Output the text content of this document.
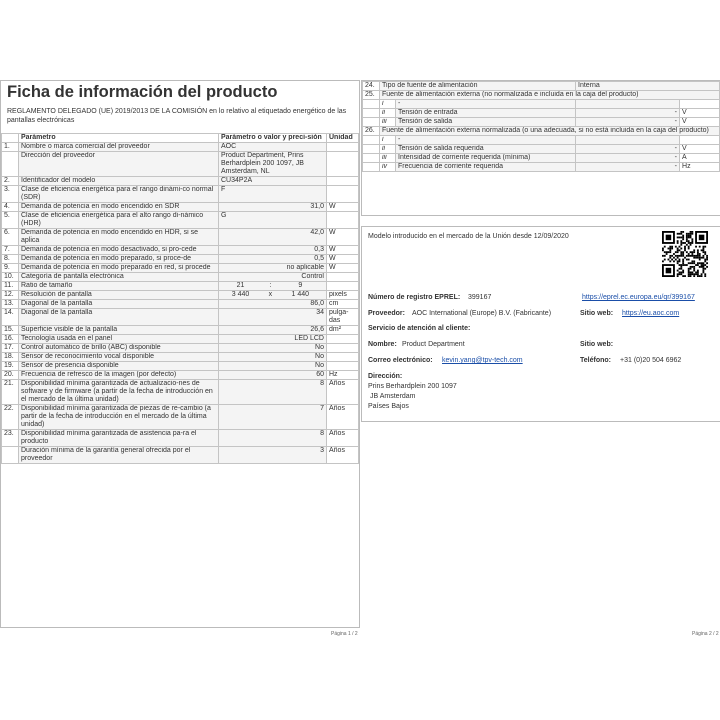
Ficha de información del producto
REGLAMENTO DELEGADO (UE) 2019/2013 DE LA COMISIÓN en lo relativo al etiquetado energético de las pantallas electrónicas
	Parámetro	Parámetro o valor y preci-sión	Unidad
1.	Nombre o marca comercial del proveedor	AOC	
	Dirección del proveedor	Product Department, Prins Berhardplein 200 1097, JB Amsterdam, NL	
2.	Identificador del modelo	CU34P2A	
3.	Clase de eficiencia energética para el rango dinámi-co normal (SDR)	F	
4.	Demanda de potencia en modo encendido en SDR	31,0	W
5.	Clase de eficiencia energética para el alto rango di-námico (HDR)	G	
6.	Demanda de potencia en modo encendido en HDR, si se aplica	42,0	W
7.	Demanda de potencia en modo desactivado, si pro-cede	0,3	W
8.	Demanda de potencia en modo preparado, si proce-de	0,5	W
9.	Demanda de potencia en modo preparado en red, si procede	no aplicable	W
10.	Categoría de pantalla electrónica	Control	
11.	Ratio de tamaño	21 : 9	
12.	Resolución de pantalla	3 440 x 1 440	pixels
13.	Diagonal de la pantalla	86,0	cm
14.	Diagonal de la pantalla	34	pulga-das
15.	Superficie visible de la pantalla	26,6	dm²
16.	Tecnología usada en el panel	LED LCD	
17.	Control automático de brillo (ABC) disponible	No	
18.	Sensor de reconocimiento vocal disponible	No	
19.	Sensor de presencia disponible	No	
20.	Frecuencia de refresco de la imagen (por defecto)	60	Hz
21.	Disponibilidad mínima garantizada de actualizacio-nes de software y de firmware (a partir de la fecha de introducción en el mercado de la última unidad)	8	Años
22.	Disponibilidad mínima garantizada de piezas de re-cambio (a partir de la fecha de introducción en el mercado de la última unidad)	7	Años
23.	Disponibilidad mínima garantizada de asistencia pa-ra el producto	8	Años
	Duración mínima de la garantía general ofrecida por el proveedor	3	Años
24.	Tipo de fuente de alimentación		Interna	
25.	Fuente de alimentación externa (no normalizada e incluida en la caja del producto)			
	i	-		
	ii	Tensión de entrada	-	V
	iii	Tensión de salida	-	V
26.	Fuente de alimentación externa normalizada (o una adecuada, si no está incluida en la caja del producto)			
	i	-		
	ii	Tensión de salida requerida	-	V
	iii	Intensidad de corriente requerida (mínima)	-	A
	iv	Frecuencia de corriente requerida	-	Hz
Modelo introducido en el mercado de la Unión desde 12/09/2020
Número de registro EPREL: 399167	https://eprel.ec.europa.eu/qr/399167
Proveedor: AOC International (Europe) B.V. (Fabricante)	Sitio web: https://eu.aoc.com
Servicio de atención al cliente:
Nombre: Product Department	Sitio web:
Correo electrónico: kevin.yang@tpv-tech.com	Teléfono: +31 (0)20 504 6962
Dirección:
Prins Berhardplein 200 1097
JB Amsterdam
Países Bajos
Página 1 / 2	Página 2 / 2
